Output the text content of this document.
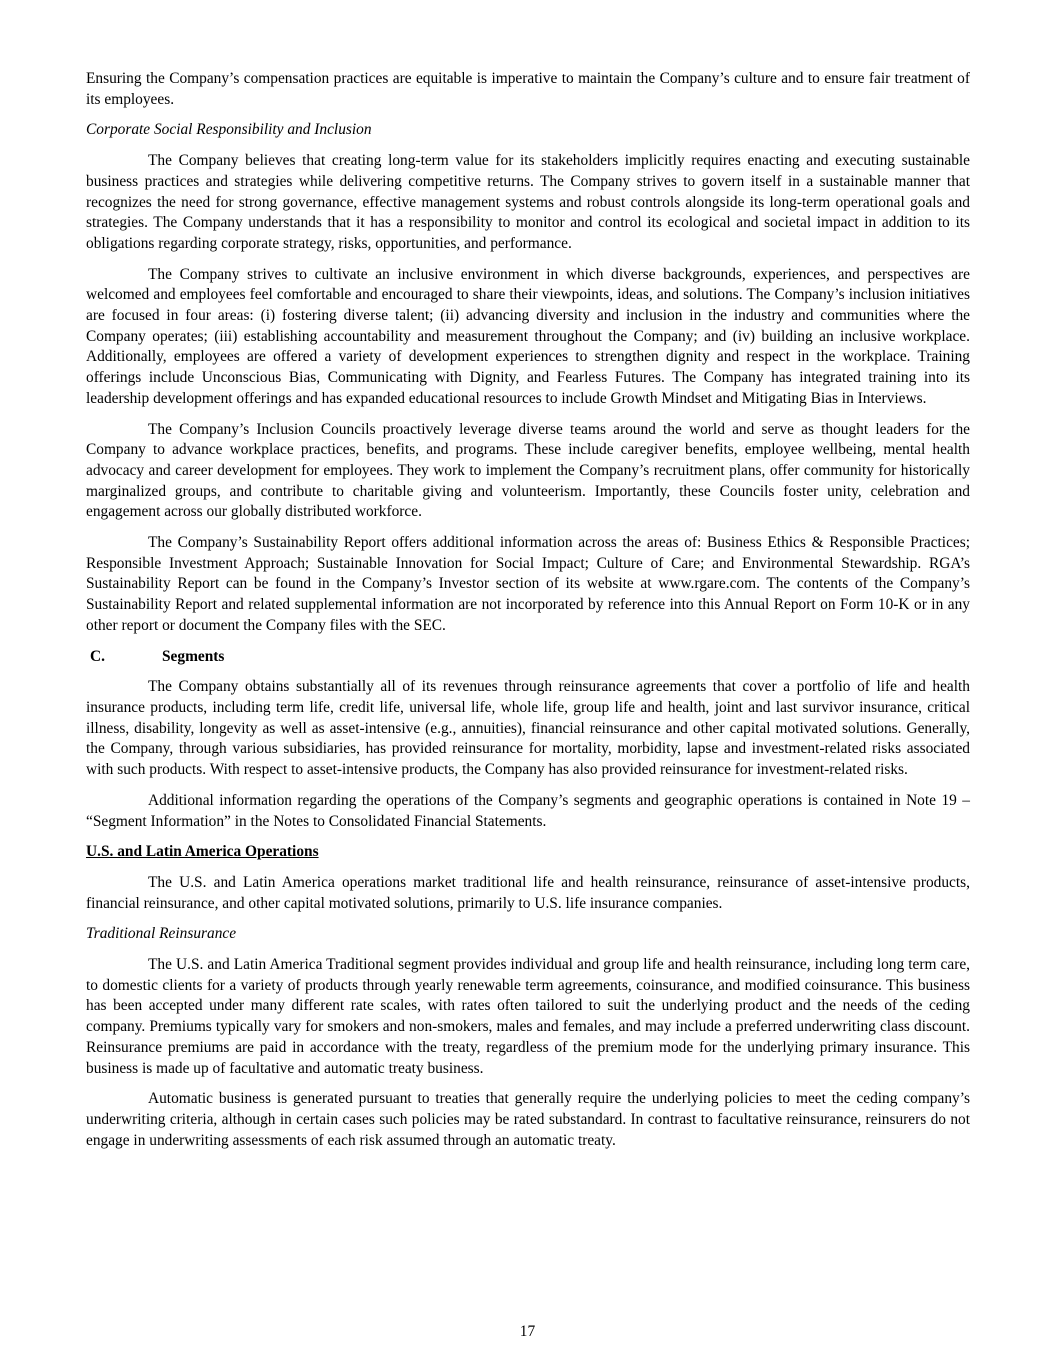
Ensuring the Company’s compensation practices are equitable is imperative to maintain the Company’s culture and to ensure fair treatment of its employees.

Corporate Social Responsibility and Inclusion

The Company believes that creating long-term value for its stakeholders implicitly requires enacting and executing sustainable business practices and strategies while delivering competitive returns. The Company strives to govern itself in a sustainable manner that recognizes the need for strong governance, effective management systems and robust controls alongside its long-term operational goals and strategies. The Company understands that it has a responsibility to monitor and control its ecological and societal impact in addition to its obligations regarding corporate strategy, risks, opportunities, and performance.

The Company strives to cultivate an inclusive environment in which diverse backgrounds, experiences, and perspectives are welcomed and employees feel comfortable and encouraged to share their viewpoints, ideas, and solutions. The Company’s inclusion initiatives are focused in four areas: (i) fostering diverse talent; (ii) advancing diversity and inclusion in the industry and communities where the Company operates; (iii) establishing accountability and measurement throughout the Company; and (iv) building an inclusive workplace. Additionally, employees are offered a variety of development experiences to strengthen dignity and respect in the workplace. Training offerings include Unconscious Bias, Communicating with Dignity, and Fearless Futures. The Company has integrated training into its leadership development offerings and has expanded educational resources to include Growth Mindset and Mitigating Bias in Interviews.

The Company’s Inclusion Councils proactively leverage diverse teams around the world and serve as thought leaders for the Company to advance workplace practices, benefits, and programs. These include caregiver benefits, employee wellbeing, mental health advocacy and career development for employees. They work to implement the Company’s recruitment plans, offer community for historically marginalized groups, and contribute to charitable giving and volunteerism. Importantly, these Councils foster unity, celebration and engagement across our globally distributed workforce.

The Company’s Sustainability Report offers additional information across the areas of: Business Ethics & Responsible Practices; Responsible Investment Approach; Sustainable Innovation for Social Impact; Culture of Care; and Environmental Stewardship. RGA’s Sustainability Report can be found in the Company’s Investor section of its website at www.rgare.com. The contents of the Company’s Sustainability Report and related supplemental information are not incorporated by reference into this Annual Report on Form 10-K or in any other report or document the Company files with the SEC.

C.	Segments

The Company obtains substantially all of its revenues through reinsurance agreements that cover a portfolio of life and health insurance products, including term life, credit life, universal life, whole life, group life and health, joint and last survivor insurance, critical illness, disability, longevity as well as asset-intensive (e.g., annuities), financial reinsurance and other capital motivated solutions. Generally, the Company, through various subsidiaries, has provided reinsurance for mortality, morbidity, lapse and investment-related risks associated with such products. With respect to asset-intensive products, the Company has also provided reinsurance for investment-related risks.

Additional information regarding the operations of the Company’s segments and geographic operations is contained in Note 19 – “Segment Information” in the Notes to Consolidated Financial Statements.

U.S. and Latin America Operations

The U.S. and Latin America operations market traditional life and health reinsurance, reinsurance of asset-intensive products, financial reinsurance, and other capital motivated solutions, primarily to U.S. life insurance companies.

Traditional Reinsurance

The U.S. and Latin America Traditional segment provides individual and group life and health reinsurance, including long term care, to domestic clients for a variety of products through yearly renewable term agreements, coinsurance, and modified coinsurance. This business has been accepted under many different rate scales, with rates often tailored to suit the underlying product and the needs of the ceding company. Premiums typically vary for smokers and non-smokers, males and females, and may include a preferred underwriting class discount. Reinsurance premiums are paid in accordance with the treaty, regardless of the premium mode for the underlying primary insurance. This business is made up of facultative and automatic treaty business.

Automatic business is generated pursuant to treaties that generally require the underlying policies to meet the ceding company’s underwriting criteria, although in certain cases such policies may be rated substandard. In contrast to facultative reinsurance, reinsurers do not engage in underwriting assessments of each risk assumed through an automatic treaty.

17
